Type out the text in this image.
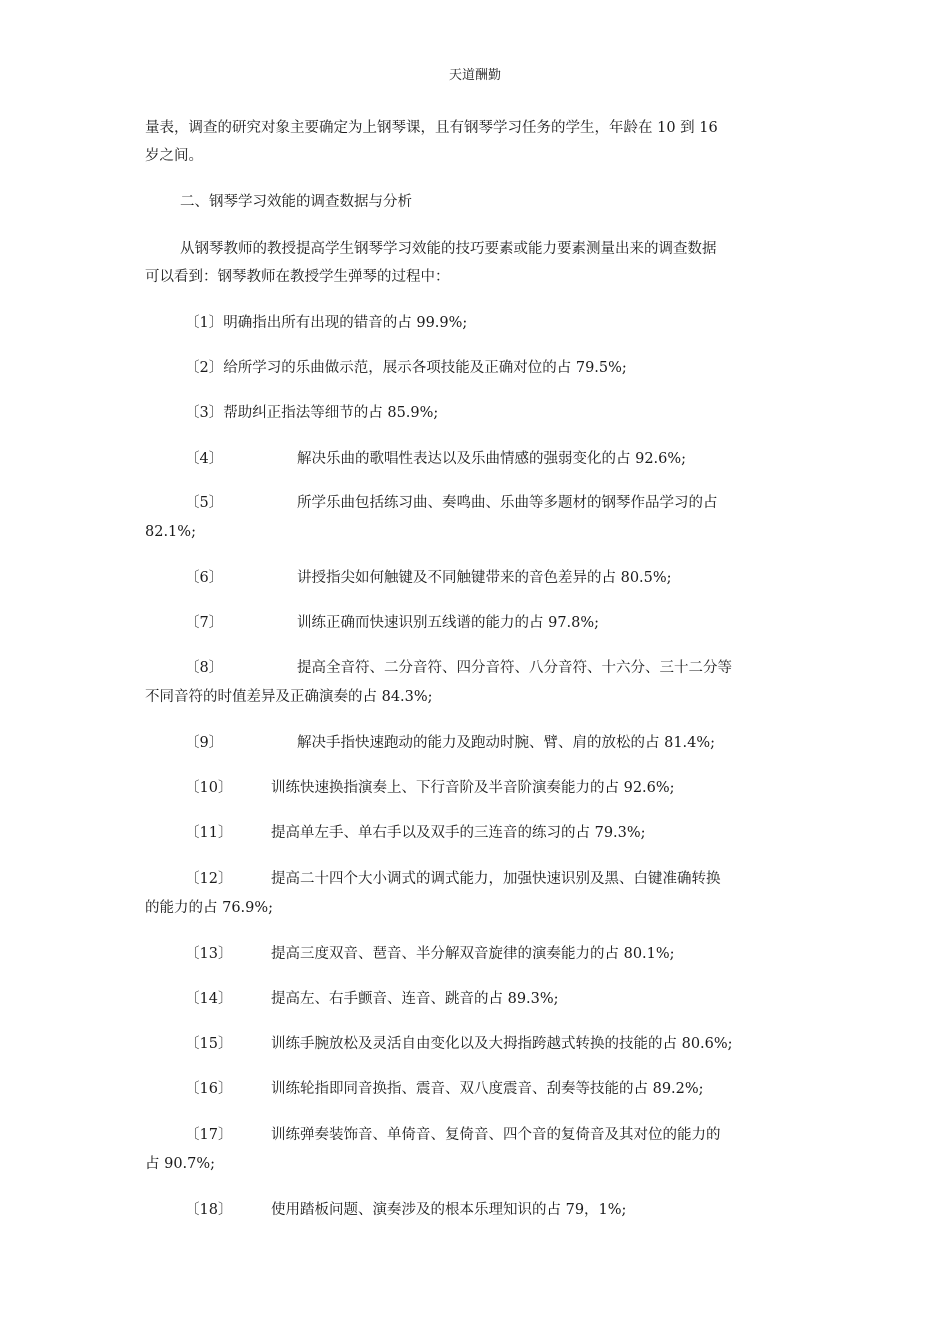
天道酬勤
量表，调查的研究对象主要确定为上钢琴课，且有钢琴学习任务的学生，年龄在 10 到 16
岁之间。
二、钢琴学习效能的调查数据与分析
从钢琴教师的教授提高学生钢琴学习效能的技巧要素或能力要素测量出来的调查数据
可以看到：钢琴教师在教授学生弹琴的过程中：
〔1〕明确指出所有出现的错音的占 99.9%;
〔2〕给所学习的乐曲做示范，展示各项技能及正确对位的占 79.5%;
〔3〕帮助纠正指法等细节的占 85.9%;
〔4〕	解决乐曲的歌唱性表达以及乐曲情感的强弱变化的占 92.6%;
〔5〕	所学乐曲包括练习曲、奏鸣曲、乐曲等多题材的钢琴作品学习的占
82.1%;
〔6〕	讲授指尖如何触键及不同触键带来的音色差异的占 80.5%;
〔7〕	训练正确而快速识别五线谱的能力的占 97.8%;
〔8〕	提高全音符、二分音符、四分音符、八分音符、十六分、三十二分等
不同音符的时值差异及正确演奏的占 84.3%;
〔9〕	解决手指快速跑动的能力及跑动时腕、臂、肩的放松的占 81.4%;
〔10〕	训练快速换指演奏上、下行音阶及半音阶演奏能力的占 92.6%;
〔11〕	提高单左手、单右手以及双手的三连音的练习的占 79.3%;
〔12〕	提高二十四个大小调式的调式能力，加强快速识别及黑、白键准确转换
的能力的占 76.9%;
〔13〕	提高三度双音、琶音、半分解双音旋律的演奏能力的占 80.1%;
〔14〕	提高左、右手颤音、连音、跳音的占 89.3%;
〔15〕	训练手腕放松及灵活自由变化以及大拇指跨越式转换的技能的占 80.6%;
〔16〕	训练轮指即同音换指、震音、双八度震音、刮奏等技能的占 89.2%;
〔17〕	训练弹奏装饰音、单倚音、复倚音、四个音的复倚音及其对位的能力的
占 90.7%;
〔18〕	使用踏板问题、演奏涉及的根本乐理知识的占 79，1%;
